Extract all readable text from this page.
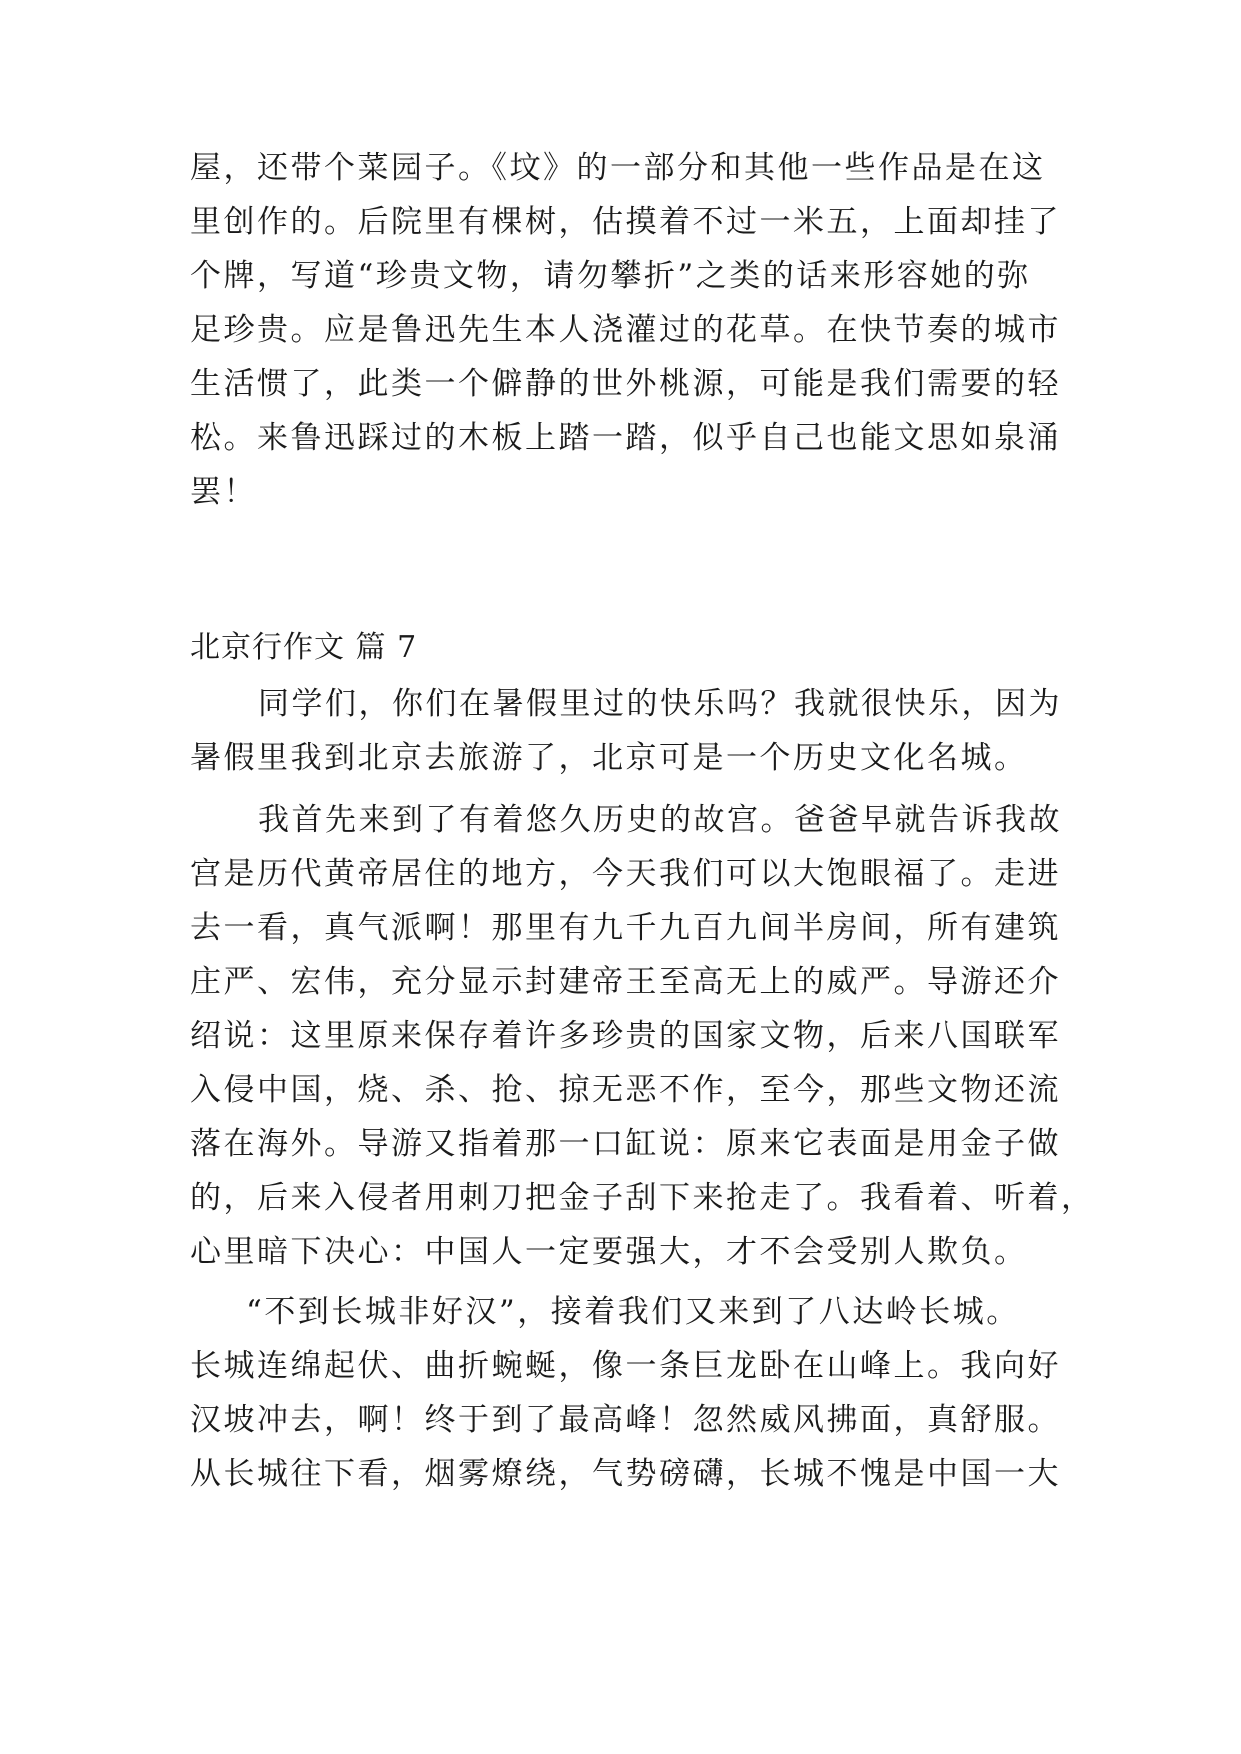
屋，还带个菜园子。《坟》的一部分和其他一些作品是在这
里创作的。后院里有棵树，估摸着不过一米五，上面却挂了
个牌，写道“珍贵文物，请勿攀折”之类的话来形容她的弥
足珍贵。应是鲁迅先生本人浇灌过的花草。在快节奏的城市
生活惯了，此类一个僻静的世外桃源，可能是我们需要的轻
松。来鲁迅踩过的木板上踏一踏，似乎自己也能文思如泉涌
罢！
北京行作文 篇 7
同学们，你们在暑假里过的快乐吗？我就很快乐，因为
暑假里我到北京去旅游了，北京可是一个历史文化名城。
我首先来到了有着悠久历史的故宫。爸爸早就告诉我故
宫是历代黄帝居住的地方，今天我们可以大饱眼福了。走进
去一看，真气派啊！那里有九千九百九间半房间，所有建筑
庄严、宏伟，充分显示封建帝王至高无上的威严。导游还介
绍说：这里原来保存着许多珍贵的国家文物，后来八国联军
入侵中国，烧、杀、抢、掠无恶不作，至今，那些文物还流
落在海外。导游又指着那一口缸说：原来它表面是用金子做
的，后来入侵者用刺刀把金子刮下来抢走了。我看着、听着，
心里暗下决心：中国人一定要强大，才不会受别人欺负。
“不到长城非好汉”，接着我们又来到了八达岭长城。
长城连绵起伏、曲折蜿蜒，像一条巨龙卧在山峰上。我向好
汉坡冲去，啊！终于到了最高峰！忽然威风拂面，真舒服。
从长城往下看，烟雾燎绕，气势磅礴，长城不愧是中国一大
